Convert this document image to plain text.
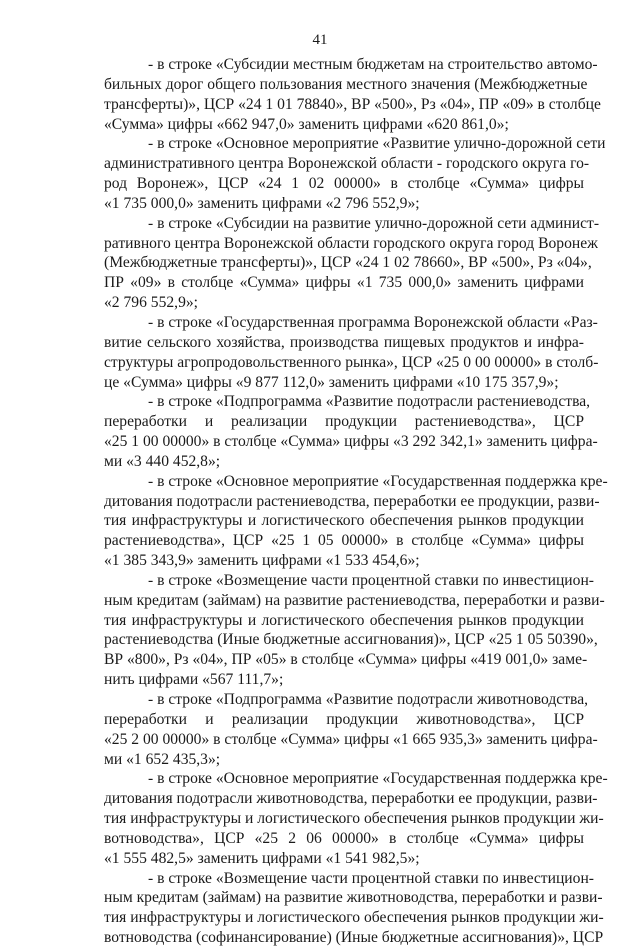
41
- в строке «Субсидии местным бюджетам на строительство автомо-
бильных дорог общего пользования местного значения (Межбюджетные
трансферты)», ЦСР «24 1 01 78840», ВР «500», Рз «04», ПР «09» в столбце
«Сумма» цифры «662 947,0» заменить цифрами «620 861,0»;
- в строке «Основное мероприятие «Развитие улично-дорожной сети
административного центра Воронежской области - городского округа го-
род Воронеж», ЦСР «24 1 02 00000» в столбце «Сумма» цифры
«1 735 000,0» заменить цифрами «2 796 552,9»;
- в строке «Субсидии на развитие улично-дорожной сети админист-
ративного центра Воронежской области городского округа город Воронеж
(Межбюджетные трансферты)», ЦСР «24 1 02 78660», ВР «500», Рз «04»,
ПР «09» в столбце «Сумма» цифры «1 735 000,0» заменить цифрами
«2 796 552,9»;
- в строке «Государственная программа Воронежской области «Раз-
витие сельского хозяйства, производства пищевых продуктов и инфра-
структуры агропродовольственного рынка», ЦСР «25 0 00 00000» в столб-
це «Сумма» цифры «9 877 112,0» заменить цифрами «10 175 357,9»;
- в строке «Подпрограмма «Развитие подотрасли растениеводства,
переработки и реализации продукции растениеводства», ЦСР
«25 1 00 00000» в столбце «Сумма» цифры «3 292 342,1» заменить цифра-
ми «3 440 452,8»;
- в строке «Основное мероприятие «Государственная поддержка кре-
дитования подотрасли растениеводства, переработки ее продукции, разви-
тия инфраструктуры и логистического обеспечения рынков продукции
растениеводства», ЦСР «25 1 05 00000» в столбце «Сумма» цифры
«1 385 343,9» заменить цифрами «1 533 454,6»;
- в строке «Возмещение части процентной ставки по инвестицион-
ным кредитам (займам) на развитие растениеводства, переработки и разви-
тия инфраструктуры и логистического обеспечения рынков продукции
растениеводства (Иные бюджетные ассигнования)», ЦСР «25 1 05 50390»,
ВР «800», Рз «04», ПР «05» в столбце «Сумма» цифры «419 001,0» заме-
нить цифрами «567 111,7»;
- в строке «Подпрограмма «Развитие подотрасли животноводства,
переработки и реализации продукции животноводства», ЦСР
«25 2 00 00000» в столбце «Сумма» цифры «1 665 935,3» заменить цифра-
ми «1 652 435,3»;
- в строке «Основное мероприятие «Государственная поддержка кре-
дитования подотрасли животноводства, переработки ее продукции, разви-
тия инфраструктуры и логистического обеспечения рынков продукции жи-
вотноводства», ЦСР «25 2 06 00000» в столбце «Сумма» цифры
«1 555 482,5» заменить цифрами «1 541 982,5»;
- в строке «Возмещение части процентной ставки по инвестицион-
ным кредитам (займам) на развитие животноводства, переработки и разви-
тия инфраструктуры и логистического обеспечения рынков продукции жи-
вотноводства (софинансирование) (Иные бюджетные ассигнования)», ЦСР
